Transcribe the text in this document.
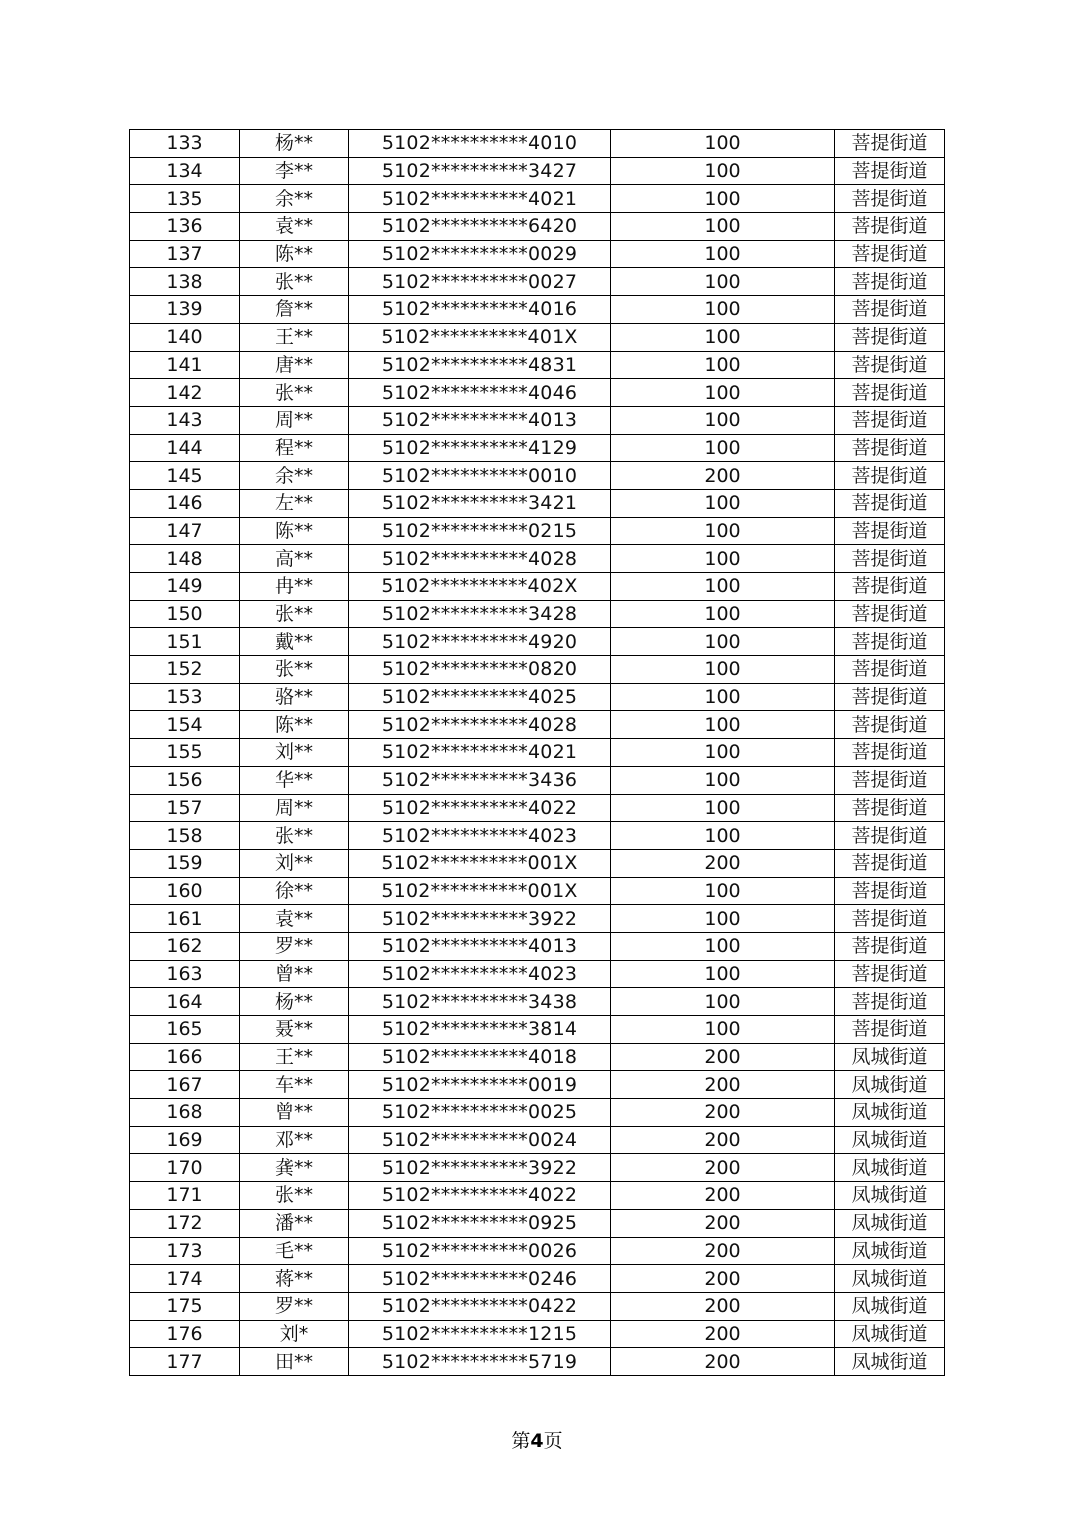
133	杨**	5102**********4010	100	菩提街道
134	李**	5102**********3427	100	菩提街道
135	余**	5102**********4021	100	菩提街道
136	袁**	5102**********6420	100	菩提街道
137	陈**	5102**********0029	100	菩提街道
138	张**	5102**********0027	100	菩提街道
139	詹**	5102**********4016	100	菩提街道
140	王**	5102**********401X	100	菩提街道
141	唐**	5102**********4831	100	菩提街道
142	张**	5102**********4046	100	菩提街道
143	周**	5102**********4013	100	菩提街道
144	程**	5102**********4129	100	菩提街道
145	余**	5102**********0010	200	菩提街道
146	左**	5102**********3421	100	菩提街道
147	陈**	5102**********0215	100	菩提街道
148	高**	5102**********4028	100	菩提街道
149	冉**	5102**********402X	100	菩提街道
150	张**	5102**********3428	100	菩提街道
151	戴**	5102**********4920	100	菩提街道
152	张**	5102**********0820	100	菩提街道
153	骆**	5102**********4025	100	菩提街道
154	陈**	5102**********4028	100	菩提街道
155	刘**	5102**********4021	100	菩提街道
156	华**	5102**********3436	100	菩提街道
157	周**	5102**********4022	100	菩提街道
158	张**	5102**********4023	100	菩提街道
159	刘**	5102**********001X	200	菩提街道
160	徐**	5102**********001X	100	菩提街道
161	袁**	5102**********3922	100	菩提街道
162	罗**	5102**********4013	100	菩提街道
163	曾**	5102**********4023	100	菩提街道
164	杨**	5102**********3438	100	菩提街道
165	聂**	5102**********3814	100	菩提街道
166	王**	5102**********4018	200	凤城街道
167	车**	5102**********0019	200	凤城街道
168	曾**	5102**********0025	200	凤城街道
169	邓**	5102**********0024	200	凤城街道
170	龚**	5102**********3922	200	凤城街道
171	张**	5102**********4022	200	凤城街道
172	潘**	5102**********0925	200	凤城街道
173	毛**	5102**********0026	200	凤城街道
174	蒋**	5102**********0246	200	凤城街道
175	罗**	5102**********0422	200	凤城街道
176	刘*	5102**********1215	200	凤城街道
177	田**	5102**********5719	200	凤城街道
第4页
